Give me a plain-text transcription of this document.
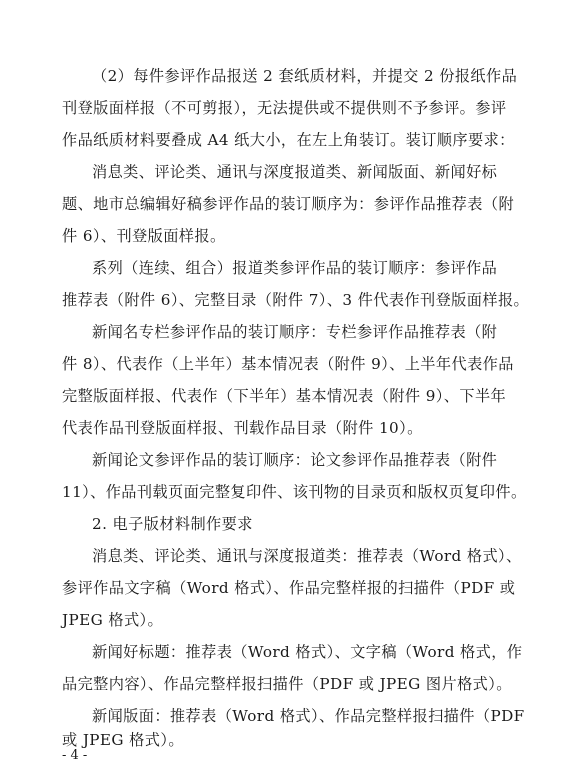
（2）每件参评作品报送 2 套纸质材料，并提交 2 份报纸作品
刊登版面样报（不可剪报），无法提供或不提供则不予参评。参评
作品纸质材料要叠成 A4 纸大小，在左上角装订。装订顺序要求：
消息类、评论类、通讯与深度报道类、新闻版面、新闻好标
题、地市总编辑好稿参评作品的装订顺序为：参评作品推荐表（附
件 6）、刊登版面样报。
系列（连续、组合）报道类参评作品的装订顺序：参评作品
推荐表（附件 6）、完整目录（附件 7）、3 件代表作刊登版面样报。
新闻名专栏参评作品的装订顺序：专栏参评作品推荐表（附
件 8）、代表作（上半年）基本情况表（附件 9）、上半年代表作品
完整版面样报、代表作（下半年）基本情况表（附件 9）、下半年
代表作品刊登版面样报、刊载作品目录（附件 10）。
新闻论文参评作品的装订顺序：论文参评作品推荐表（附件
11）、作品刊载页面完整复印件、该刊物的目录页和版权页复印件。
2. 电子版材料制作要求
消息类、评论类、通讯与深度报道类：推荐表（Word 格式）、
参评作品文字稿（Word 格式）、作品完整样报的扫描件（PDF 或
JPEG 格式）。
新闻好标题：推荐表（Word 格式）、文字稿（Word 格式，作
品完整内容）、作品完整样报扫描件（PDF 或 JPEG 图片格式）。
新闻版面：推荐表（Word 格式）、作品完整样报扫描件（PDF
或 JPEG 格式）。
- 4 -
